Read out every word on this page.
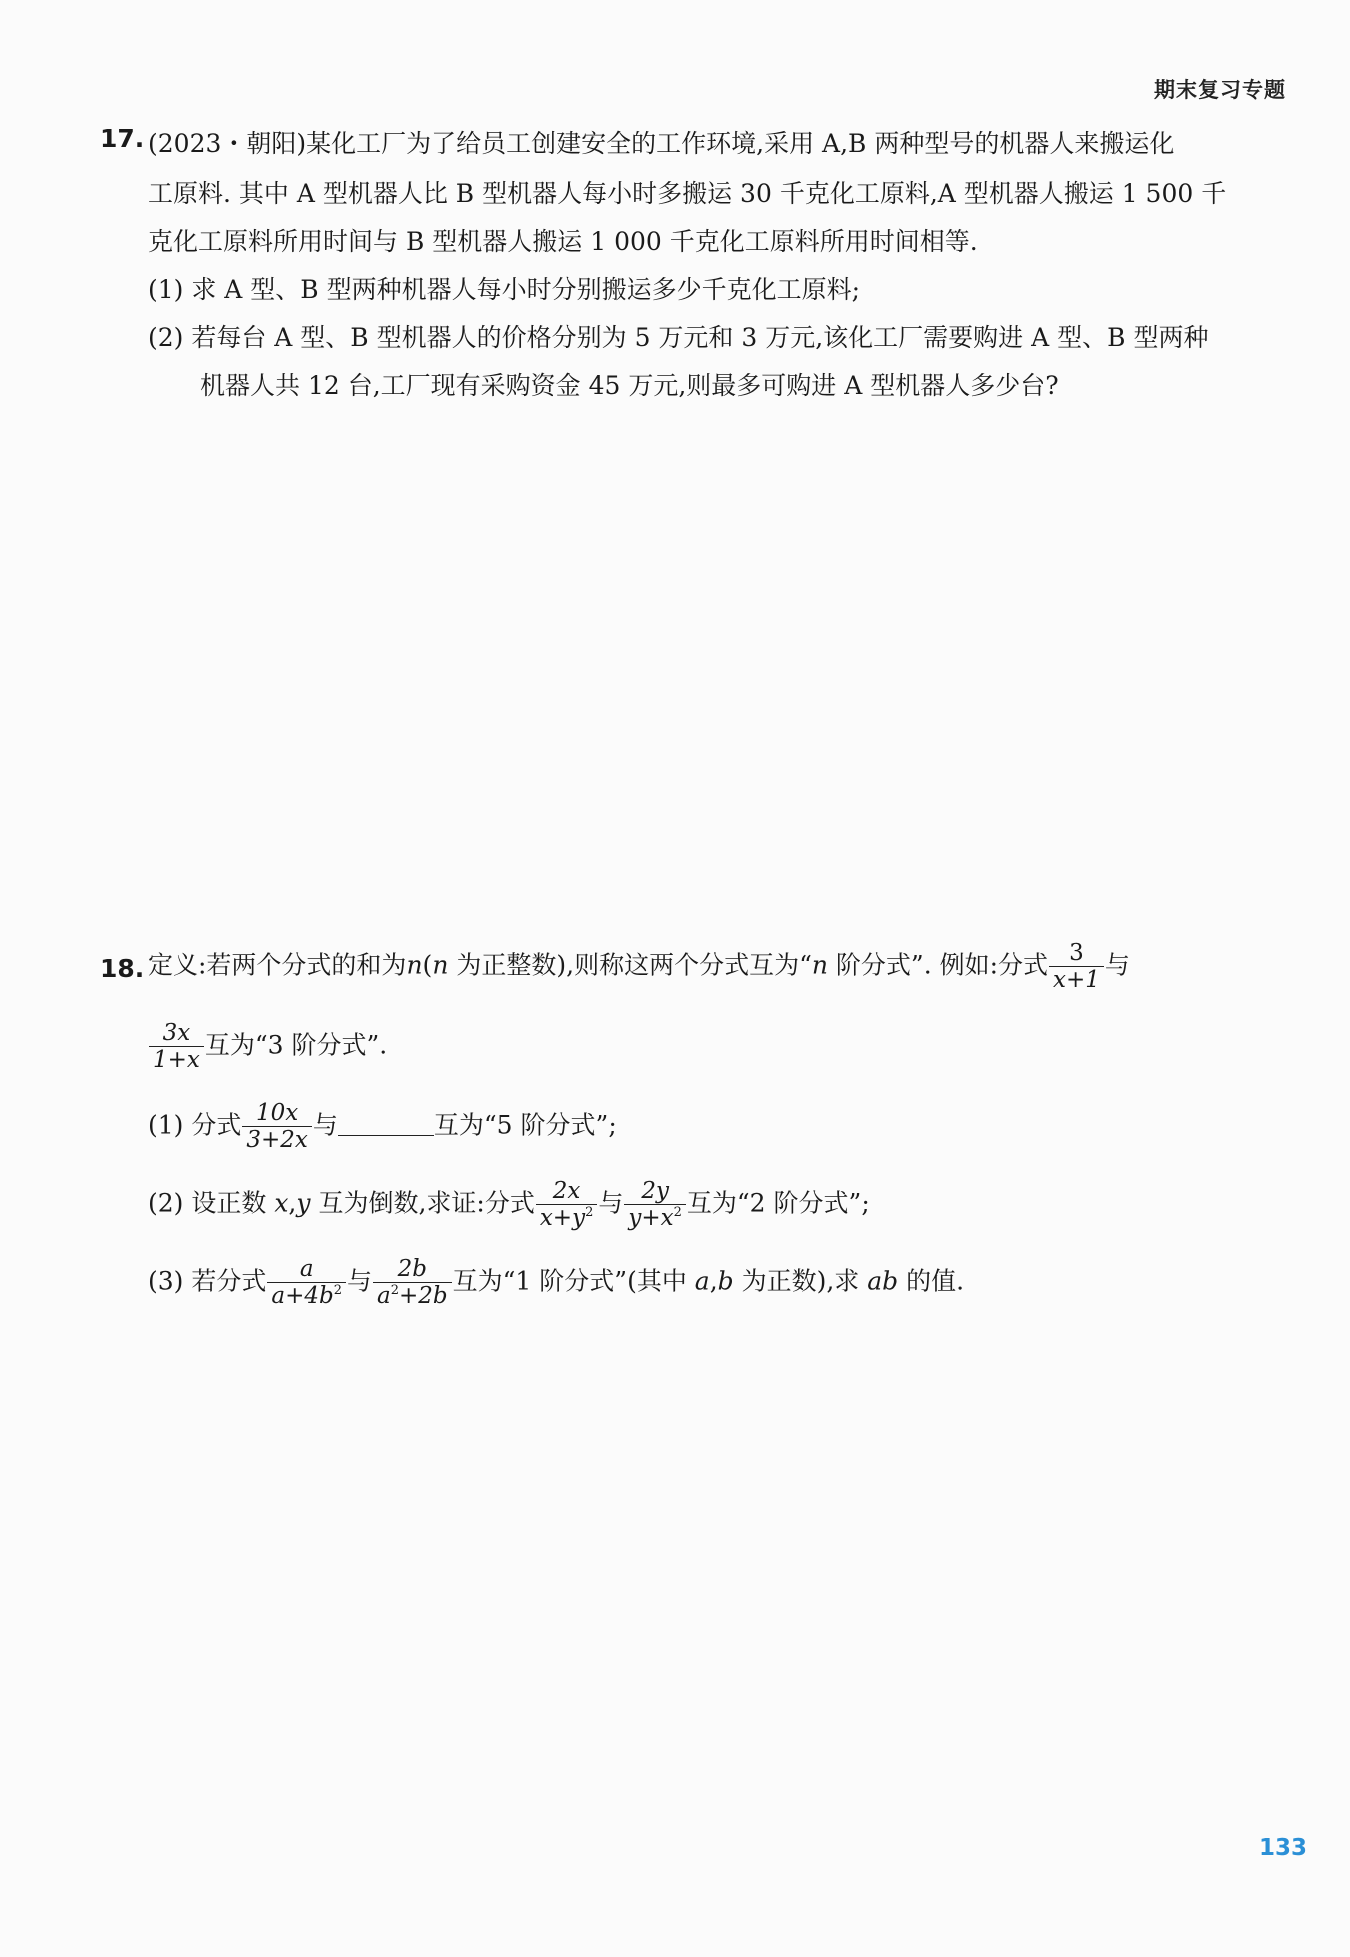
期末复习专题
17. (2023・朝阳)某化工厂为了给员工创建安全的工作环境,采用 A,B 两种型号的机器人来搬运化
工原料. 其中 A 型机器人比 B 型机器人每小时多搬运 30 千克化工原料,A 型机器人搬运 1 500 千
克化工原料所用时间与 B 型机器人搬运 1 000 千克化工原料所用时间相等.
(1) 求 A 型、B 型两种机器人每小时分别搬运多少千克化工原料;
(2) 若每台 A 型、B 型机器人的价格分别为 5 万元和 3 万元,该化工厂需要购进 A 型、B 型两种
机器人共 12 台,工厂现有采购资金 45 万元,则最多可购进 A 型机器人多少台?
18. 定义:若两个分式的和为n(n 为正整数),则称这两个分式互为“n 阶分式”. 例如:分式 $\frac{3}{x+1}$ 与
$\frac{3x}{1+x}$ 互为“3 阶分式”.
(1) 分式 $\frac{10x}{3+2x}$ 与	互为“5 阶分式”;
(2) 设正数 x,y 互为倒数,求证:分式 $\frac{2x}{x+y^2}$ 与 $\frac{2y}{y+x^2}$ 互为“2 阶分式”;
(3) 若分式 $\frac{a}{a+4b^2}$ 与 $\frac{2b}{a^2+2b}$ 互为“1 阶分式”(其中 a,b 为正数),求 ab 的值.
133
